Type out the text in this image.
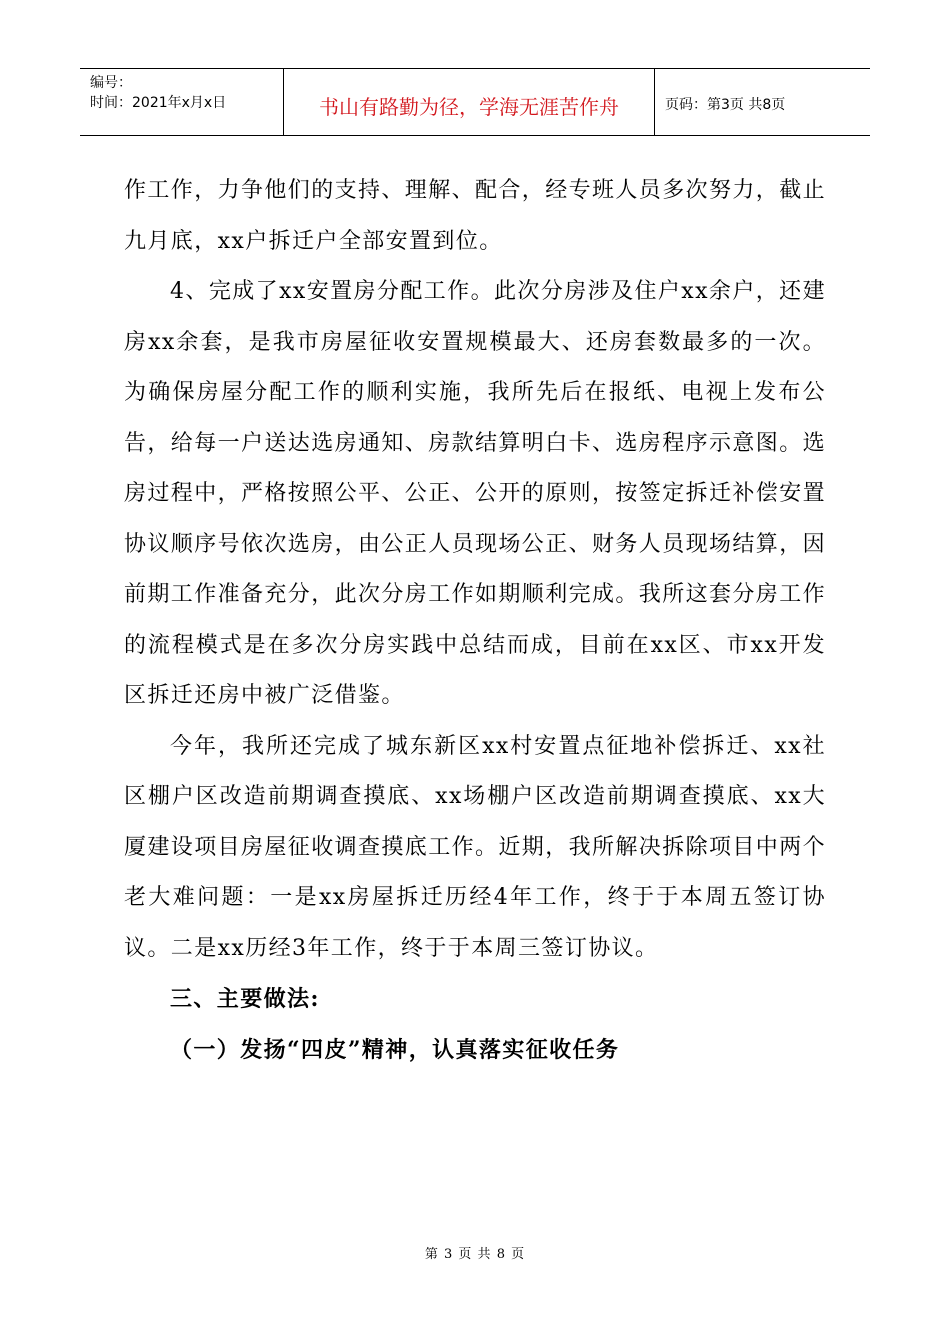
编号：
时间：2021年x月x日	书山有路勤为径，学海无涯苦作舟	页码：第3页 共8页

作工作，力争他们的支持、理解、配合，经专班人员多次努力，截止九月底，xx户拆迁户全部安置到位。

4、完成了xx安置房分配工作。此次分房涉及住户xx余户，还建房xx余套，是我市房屋征收安置规模最大、还房套数最多的一次。为确保房屋分配工作的顺利实施，我所先后在报纸、电视上发布公告，给每一户送达选房通知、房款结算明白卡、选房程序示意图。选房过程中，严格按照公平、公正、公开的原则，按签定拆迁补偿安置协议顺序号依次选房，由公正人员现场公正、财务人员现场结算，因前期工作准备充分，此次分房工作如期顺利完成。我所这套分房工作的流程模式是在多次分房实践中总结而成，目前在xx区、市xx开发区拆迁还房中被广泛借鉴。

今年，我所还完成了城东新区xx村安置点征地补偿拆迁、xx社区棚户区改造前期调查摸底、xx场棚户区改造前期调查摸底、xx大厦建设项目房屋征收调查摸底工作。近期，我所解决拆除项目中两个老大难问题：一是xx房屋拆迁历经4年工作，终于于本周五签订协议。二是xx历经3年工作，终于于本周三签订协议。

三、主要做法:

（一）发扬“四皮”精神，认真落实征收任务

第 3 页 共 8 页
